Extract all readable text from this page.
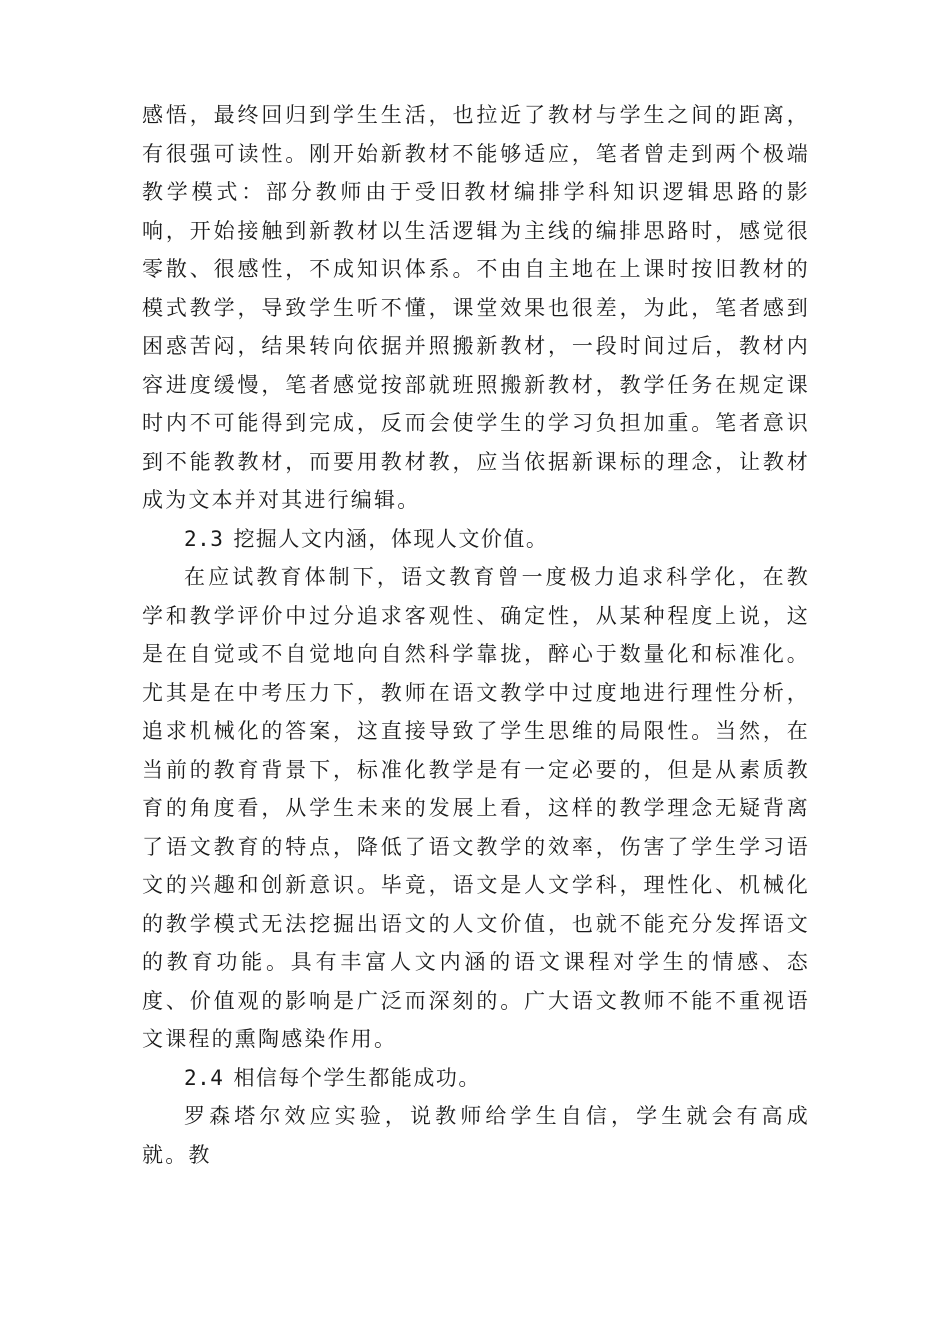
感悟，最终回归到学生生活，也拉近了教材与学生之间的距离，有很强可读性。刚开始新教材不能够适应，笔者曾走到两个极端教学模式：部分教师由于受旧教材编排学科知识逻辑思路的影响，开始接触到新教材以生活逻辑为主线的编排思路时，感觉很零散、很感性，不成知识体系。不由自主地在上课时按旧教材的模式教学，导致学生听不懂，课堂效果也很差，为此，笔者感到困惑苦闷，结果转向依据并照搬新教材，一段时间过后，教材内容进度缓慢，笔者感觉按部就班照搬新教材，教学任务在规定课时内不可能得到完成，反而会使学生的学习负担加重。笔者意识到不能教教材，而要用教材教，应当依据新课标的理念，让教材成为文本并对其进行编辑。

2.3 挖掘人文内涵，体现人文价值。

在应试教育体制下，语文教育曾一度极力追求科学化，在教学和教学评价中过分追求客观性、确定性，从某种程度上说，这是在自觉或不自觉地向自然科学靠拢，醉心于数量化和标准化。尤其是在中考压力下，教师在语文教学中过度地进行理性分析，追求机械化的答案，这直接导致了学生思维的局限性。当然，在当前的教育背景下，标准化教学是有一定必要的，但是从素质教育的角度看，从学生未来的发展上看，这样的教学理念无疑背离了语文教育的特点，降低了语文教学的效率，伤害了学生学习语文的兴趣和创新意识。毕竟，语文是人文学科，理性化、机械化的教学模式无法挖掘出语文的人文价值，也就不能充分发挥语文的教育功能。具有丰富人文内涵的语文课程对学生的情感、态度、价值观的影响是广泛而深刻的。广大语文教师不能不重视语文课程的熏陶感染作用。

2.4 相信每个学生都能成功。

罗森塔尔效应实验，说教师给学生自信，学生就会有高成就。教
